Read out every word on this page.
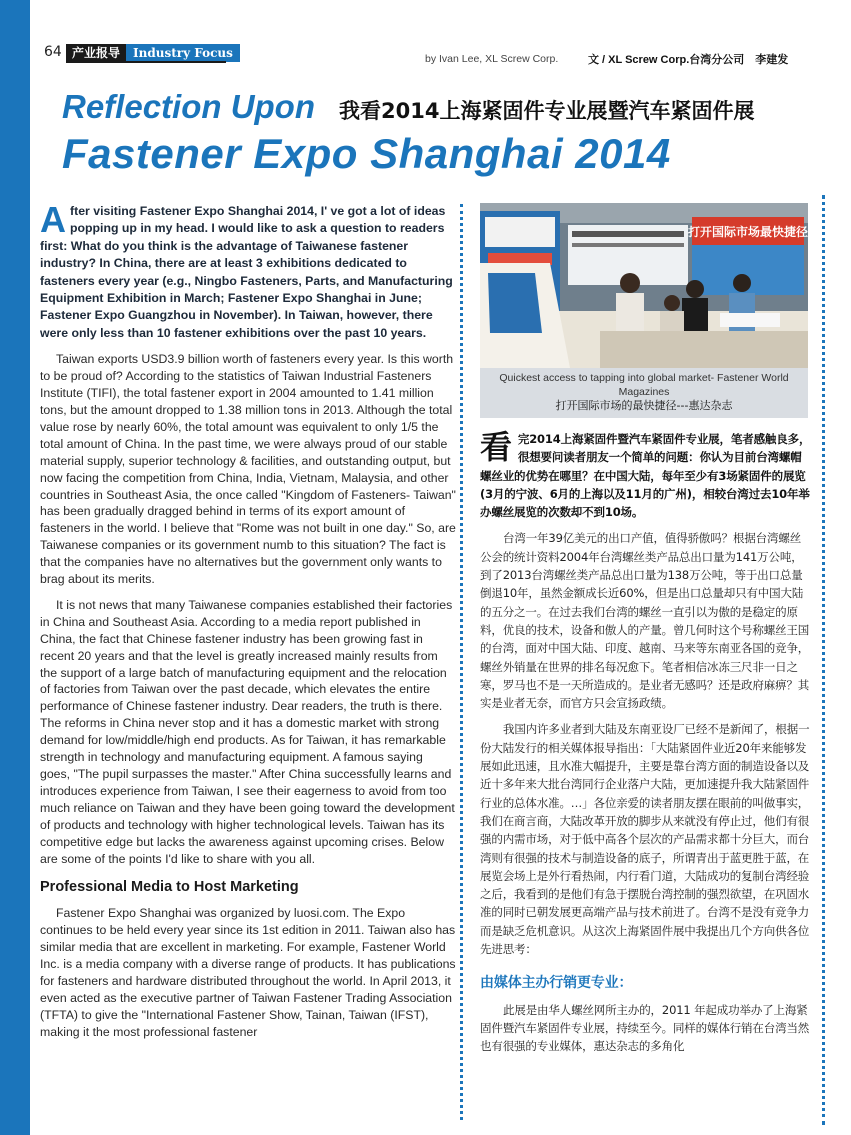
64 产业报导	Industry Focus	by Ivan Lee, XL Screw Corp.	文 / XL Screw Corp.台湾分公司　李建发
Reflection Upon 我看2014上海紧固件专业展暨汽车紧固件展
Fastener Expo Shanghai 2014

After visiting Fastener Expo Shanghai 2014, I' ve got a lot of ideas popping up in my head. I would like to ask a question to readers first: What do you think is the advantage of Taiwanese fastener industry? In China, there are at least 3 exhibitions dedicated to fasteners every year (e.g., Ningbo Fasteners, Parts, and Manufacturing Equipment Exhibition in March; Fastener Expo Shanghai in June; Fastener Expo Guangzhou in November). In Taiwan, however, there were only less than 10 fastener exhibitions over the past 10 years.

Taiwan exports USD3.9 billion worth of fasteners every year. Is this worth to be proud of? According to the statistics of Taiwan Industrial Fasteners Institute (TIFI), the total fastener export in 2004 amounted to 1.41 million tons, but the amount dropped to 1.38 million tons in 2013. Although the total value rose by nearly 60%, the total amount was equivalent to only 1/5 the total amount of China. In the past time, we were always proud of our stable material supply, superior technology & facilities, and outstanding output, but now facing the competition from China, India, Vietnam, Malaysia, and other countries in Southeast Asia, the once called "Kingdom of Fasteners- Taiwan" has been gradually dragged behind in terms of its export amount of fasteners in the world. I believe that "Rome was not built in one day." So, are Taiwanese companies or its government numb to this situation? The fact is that the companies have no alternatives but the government only wants to brag about its merits.

It is not news that many Taiwanese companies established their factories in China and Southeast Asia. According to a media report published in China, the fact that Chinese fastener industry has been growing fast in recent 20 years and that the level is greatly increased mainly results from the support of a large batch of manufacturing equipment and the relocation of factories from Taiwan over the past decade, which elevates the entire performance of Chinese fastener industry. Dear readers, the truth is there. The reforms in China never stop and it has a domestic market with strong demand for low/middle/high end products. As for Taiwan, it has remarkable strength in technology and manufacturing equipment. A famous saying goes, "The pupil surpasses the master." After China successfully learns and introduces experience from Taiwan, I see their eagerness to avoid from too much reliance on Taiwan and they have been going toward the development of products and technology with higher technological levels. Taiwan has its competitive edge but lacks the awareness against upcoming crises. Below are some of the points I'd like to share with you all.

Professional Media to Host Marketing

Fastener Expo Shanghai was organized by luosi.com. The Expo continues to be held every year since its 1st edition in 2011. Taiwan also has similar media that are excellent in marketing. For example, Fastener World Inc. is a media company with a diverse range of products. It has publications for fasteners and hardware distributed throughout the world. In April 2013, it even acted as the executive partner of Taiwan Fastener Trading Association (TFTA) to give the "International Fastener Show, Tainan, Taiwan (IFST), making it the most professional fastener

打开国际市场最快捷径
Quickest access to tapping into global market- Fastener World Magazines
打开国际市场的最快捷径---惠达杂志

看完2014上海紧固件暨汽车紧固件专业展，笔者感触良多，很想要问读者朋友一个简单的问题：你认为目前台湾螺帽螺丝业的优势在哪里？在中国大陆，每年至少有3场紧固件的展览(3月的宁波、6月的上海以及11月的广州)，相较台湾过去10年举办螺丝展览的次数却不到10场。

台湾一年39亿美元的出口产值，值得骄傲吗？根据台湾螺丝公会的统计资料2004年台湾螺丝类产品总出口量为141万公吨，到了2013台湾螺丝类产品总出口量为138万公吨，等于出口总量倒退10年，虽然金额成长近60%，但是出口总量却只有中国大陆的五分之一。在过去我们台湾的螺丝一直引以为傲的是稳定的原料，优良的技术，设备和傲人的产量。曾几何时这个号称螺丝王国的台湾，面对中国大陆、印度、越南、马来等东南亚各国的竞争，螺丝外销量在世界的排名每况愈下。笔者相信冰冻三尺非一日之寒，罗马也不是一天所造成的。是业者无感吗？还是政府麻痹？其实是业者无奈，而官方只会宣扬政绩。

我国内许多业者到大陆及东南亚设厂已经不是新闻了，根据一份大陆发行的相关媒体报导指出：「大陆紧固件业近20年来能够发展如此迅速，且水准大幅提升，主要是靠台湾方面的制造设备以及近十多年来大批台湾同行企业落户大陆，更加速提升我大陆紧固件行业的总体水准。…」各位亲爱的读者朋友摆在眼前的叫做事实，我们在商言商，大陆改革开放的脚步从来就没有停止过，他们有很强的内需市场，对于低中高各个层次的产品需求都十分巨大，而台湾则有很强的技术与制造设备的底子，所谓青出于蓝更胜于蓝，在展览会场上是外行看热闹，内行看门道，大陆成功的复制台湾经验之后，我看到的是他们有急于摆脱台湾控制的强烈欲望，在巩固水准的同时已朝发展更高端产品与技术前进了。台湾不是没有竞争力而是缺乏危机意识。从这次上海紧固件展中我提出几个方向供各位先进思考：

由媒体主办行销更专业：

此展是由华人螺丝网所主办的，2011 年起成功举办了上海紧固件暨汽车紧固件专业展，持续至今。同样的媒体行销在台湾当然也有很强的专业媒体，惠达杂志的多角化
